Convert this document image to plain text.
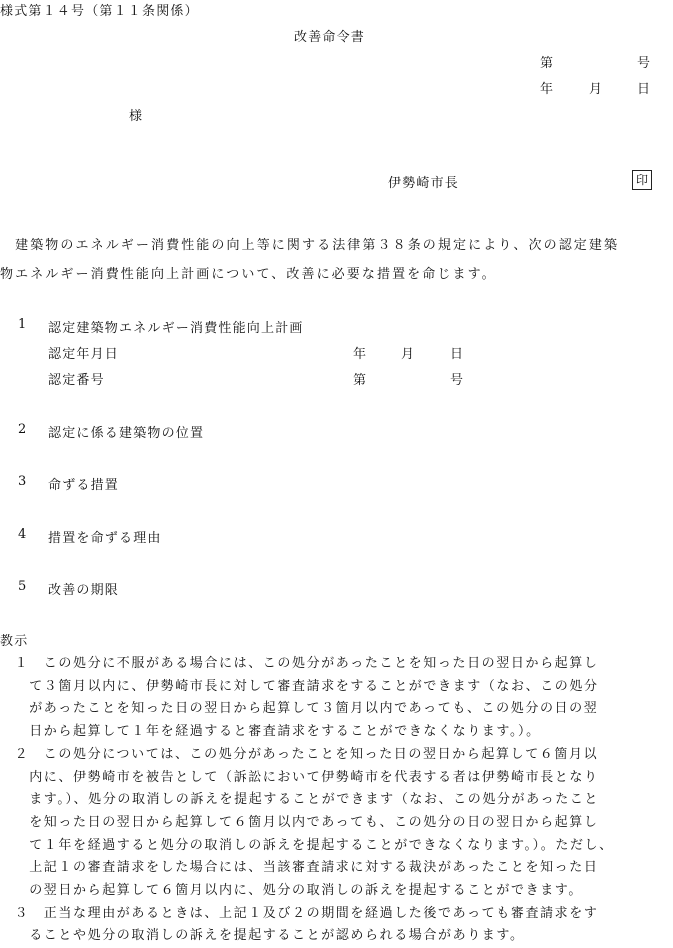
様式第１４号（第１１条関係）
改善命令書
第	号
年	月	日
様
伊勢崎市長	印
　建築物のエネルギー消費性能の向上等に関する法律第３８条の規定により、次の認定建築
物エネルギー消費性能向上計画について、改善に必要な措置を命じます。
1 認定建築物エネルギー消費性能向上計画
認定年月日	年	月	日
認定番号	第	号
2 認定に係る建築物の位置
3 命ずる措置
4 措置を命ずる理由
5 改善の期限
教示
　１　この処分に不服がある場合には、この処分があったことを知った日の翌日から起算し
　　て３箇月以内に、伊勢崎市長に対して審査請求をすることができます（なお、この処分
　　があったことを知った日の翌日から起算して３箇月以内であっても、この処分の日の翌
　　日から起算して１年を経過すると審査請求をすることができなくなります。）。
　２　この処分については、この処分があったことを知った日の翌日から起算して６箇月以
　　内に、伊勢崎市を被告として（訴訟において伊勢崎市を代表する者は伊勢崎市長となり
　　ます。）、処分の取消しの訴えを提起することができます（なお、この処分があったこと
　　を知った日の翌日から起算して６箇月以内であっても、この処分の日の翌日から起算し
　　て１年を経過すると処分の取消しの訴えを提起することができなくなります。）。ただし、
　　上記１の審査請求をした場合には、当該審査請求に対する裁決があったことを知った日
　　の翌日から起算して６箇月以内に、処分の取消しの訴えを提起することができます。
　３　正当な理由があるときは、上記１及び２の期間を経過した後であっても審査請求をす
　　ることや処分の取消しの訴えを提起することが認められる場合があります。
